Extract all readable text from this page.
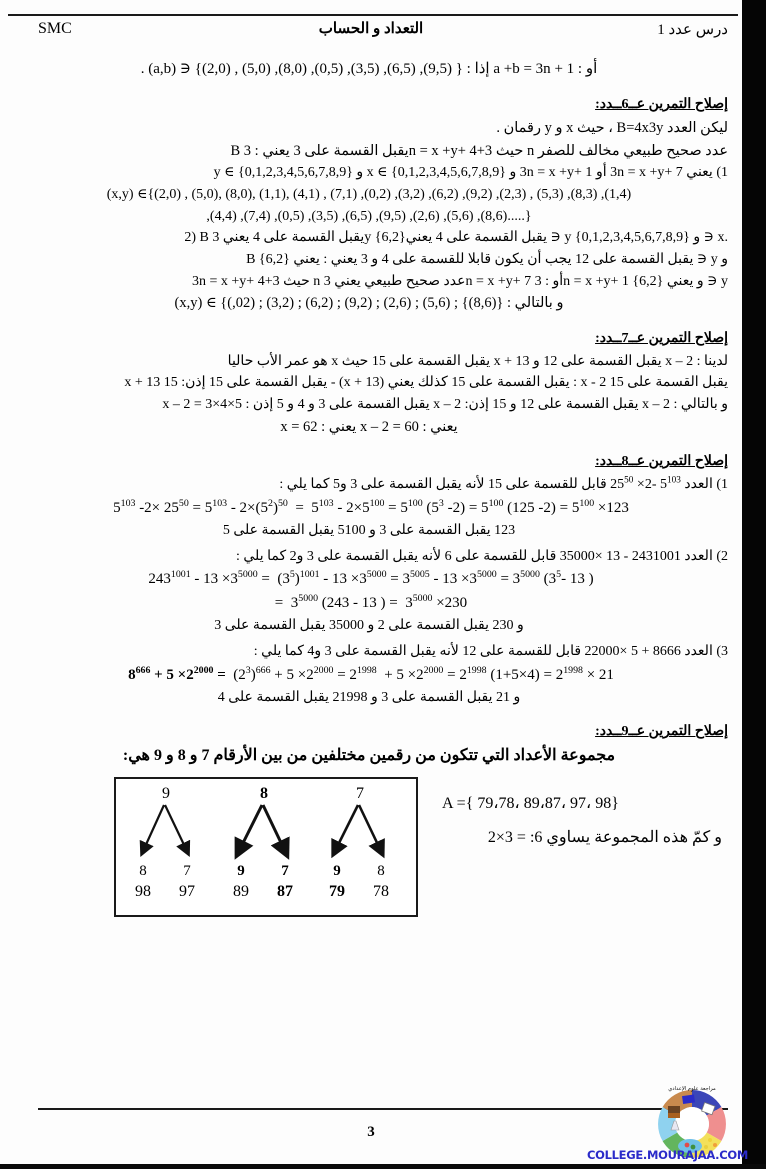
درس عدد 1
التعداد و الحساب
SMC
أو : 1 + a +b = 3n إذا : { (9,5), (6,5), (3,5), (0,5), (8,0), (5,0) , (2,0)} ∈ (a,b) .
إصلاح التمرين عــ6ــدد:
ليكن العدد B=4x3y ، حيث x و y رقمان .
B يقبل القسمة على 3 يعني : 3n = x +y+ 4+3 حيث n عدد صحيح طبيعي مخالف للصفر
1) يعني 3n = x +y+ 7 أو 3n = x +y+ 1 و {0,1,2,3,4,5,6,7,8,9} ∋ x و {0,1,2,3,4,5,6,7,8,9} ∋ y
(x,y) ∈{(2,0) , (5,0), (8,0), (1,1), (4,1) , (7,1) ,(0,2) ,(3,2) ,(6,2) ,(9,2) ,(2,3) , (5,3) ,(8,3) ,(1,4)
,(4,4) ,(7,4) ,(0,5) ,(3,5) ,(6,5) ,(9,5) ,(2,6) ,(5,6) ,(8,6).....}
2) B يقبل القسمة على 4 يعني 3y يقبل القسمة على 4 يعني{6,2} ∋ y و {0,1,2,3,4,5,6,7,8,9} ∋ x.
B يقبل القسمة على 12 يجب أن يكون قابلا للقسمة على 4 و 3 يعني : يعني {6,2} ∋ y و
3n = x +y+ 4+3 حيث n عدد صحيح طبيعي يعني 3n = x +y+ 7 أو : 3n = x +y+ 1 و يعني {6,2} ∋ y
و بالتالي : {(8,6)} ; (5,6) ; (2,6) ; (9,2) ; (6,2) ; (3,2) ; (02,)} ∋ (x,y)
إصلاح التمرين عــ7ــدد:
لدينا : x – 2 يقبل القسمة على 12 و x + 13 يقبل القسمة على 15 حيث x هو عمر الأب حاليا
x + 13 يقبل القسمة على 15 إذن: 15 - (x + 13) يقبل القسمة على 15 كذلك يعني : x - 2 يقبل القسمة على 15
و بالتالي : x – 2 يقبل القسمة على 12 و 15 إذن: x – 2 يقبل القسمة على 3 و 4 و 5 إذن : x – 2 = 3×4×5
يعني : x – 2 = 60 يعني : x = 62
إصلاح التمرين عــ8ــدد:
1) العدد $5^{103}$ $-2\times 25^{50}$ قابل للقسمة على 15 لأنه يقبل القسمة على 3 و5 كما يلي :
$5^{103}$ $-2\times 25^{50} = 5^{103} - 2\times(5^2)^{50} = 5^{103} - 2\times 5^{100} = 5^{100}$ ($5^3$ $-2) = 5^{100}$ (125 $-2) = 5^{100} \times 123$
123 يقبل القسمة على 3 و 5100 يقبل القسمة على 5
2) العدد 2431001 - 13 ×35000 قابل للقسمة على 6 لأنه يقبل القسمة على 3 و2 كما يلي :
$243^{1001} - 13 \times 3^{5000} = (3^5)^{1001} - 13 \times 3^{5000} = 3^{5005} - 13 \times 3^{5000} = 3^{5000}$ ($3^5-$ 13 )
=  $3^{5000}$ (243 - 13 ) =  $3^{5000} \times 230$
و 230 يقبل القسمة على 2 و 35000 يقبل القسمة على 3
3) العدد 8666 + 5 ×22000 قابل للقسمة على 12 لأنه يقبل القسمة على 3 و4 كما يلي :
$8^{666} + 5 \times 2^{2000} = (2^3)^{666} + 5 \times 2^{2000} = 2^{1998} + 5 \times 2^{2000} = 2^{1998}$ $(1+5\times 4) = 2^{1998} \times 21$
و 21 يقبل القسمة على 3 و 21998 يقبل القسمة على 4
إصلاح التمرين عــ9ــدد:
مجموعة الأعداد التي تتكون من رقمين مختلفين من بين الأرقام 7 و 8 و 9 هي:
A ={ 79،78، 89،87، 97، 98}
و كمّ هذه المجموعة يساوي 6: = 3×2
9
8	7
98	97
8
9	7
89	87
7
9	8
79	78
3
مراجعة علوم الإعدادي
COLLEGE.MOURAJAA.COM
